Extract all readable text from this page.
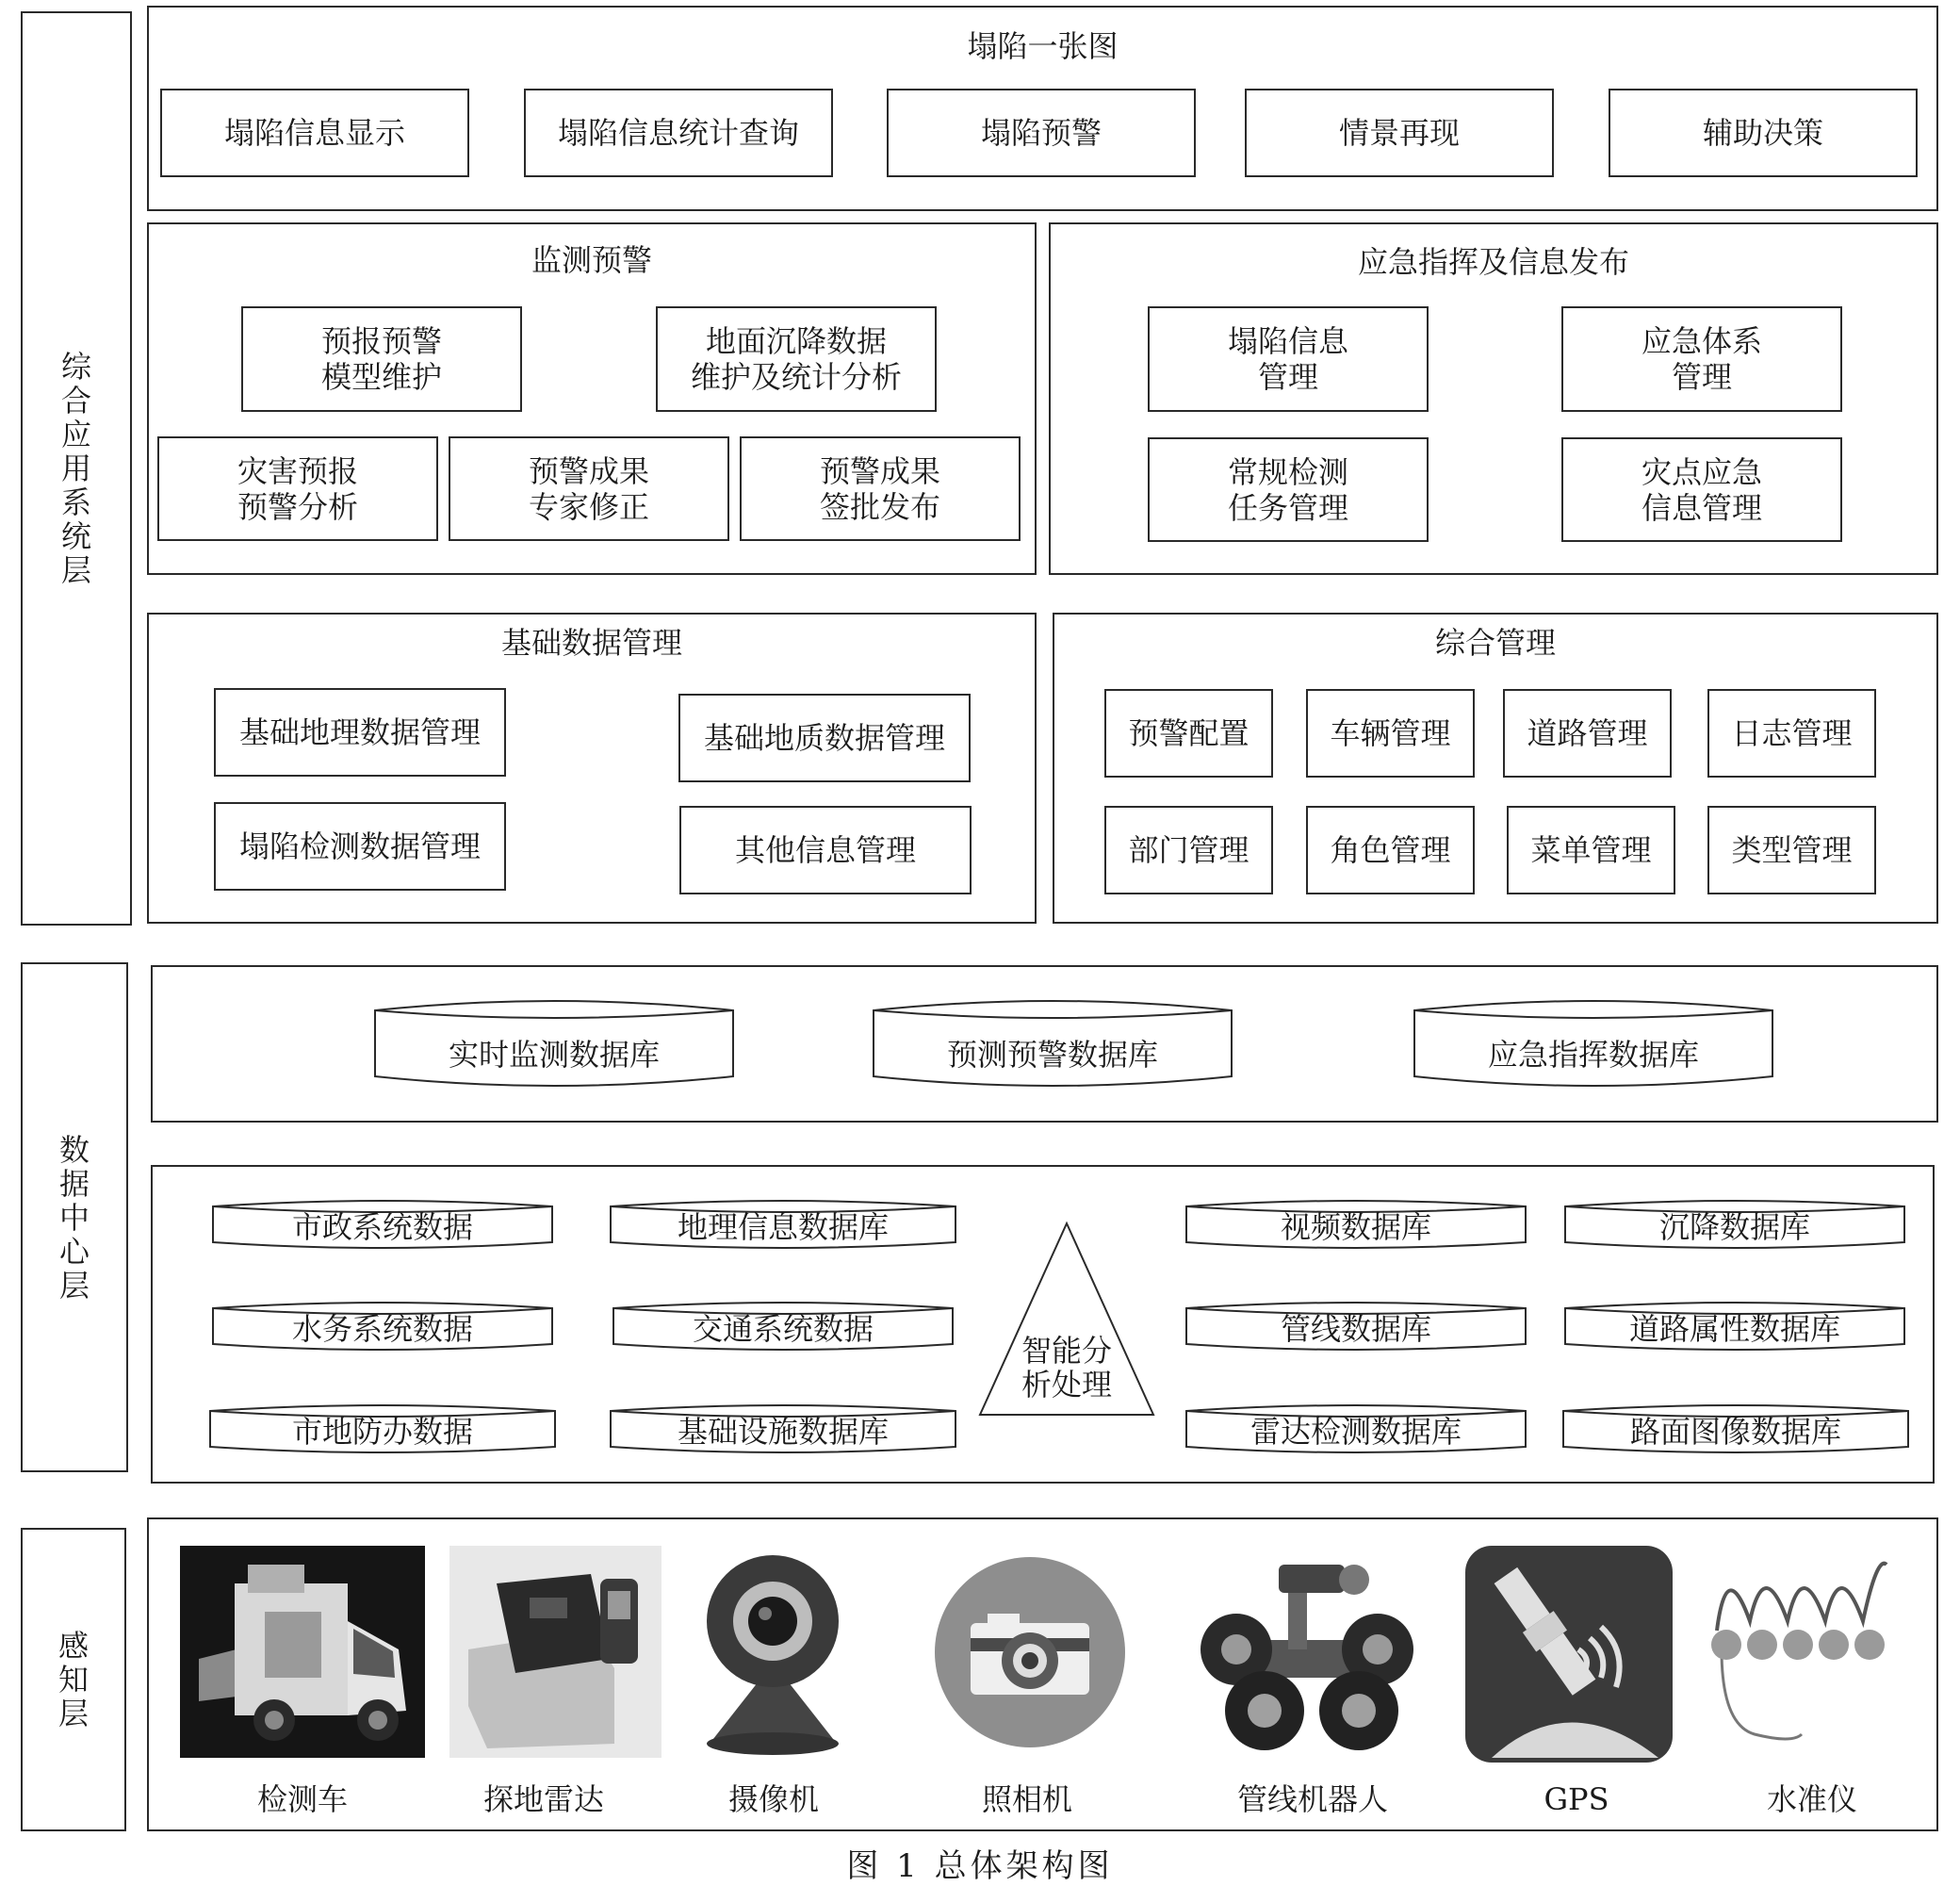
综合应用系统层
数据中心层
感知层
塌陷一张图
塌陷信息显示	塌陷信息统计查询	塌陷预警	情景再现	辅助决策
监测预警
预报预警
模型维护
地面沉降数据
维护及统计分析
灾害预报
预警分析
预警成果
专家修正
预警成果
签批发布
应急指挥及信息发布
塌陷信息
管理
应急体系
管理
常规检测
任务管理
灾点应急
信息管理
基础数据管理
基础地理数据管理	基础地质数据管理
塌陷检测数据管理	其他信息管理
综合管理
预警配置	车辆管理	道路管理	日志管理
部门管理	角色管理	菜单管理	类型管理
实时监测数据库	预测预警数据库	应急指挥数据库
市政系统数据	地理信息数据库
水务系统数据	交通系统数据
市地防办数据	基础设施数据库
智能分
析处理
视频数据库	沉降数据库
管线数据库	道路属性数据库
雷达检测数据库	路面图像数据库
检测车	探地雷达	摄像机	照相机	管线机器人	GPS	水准仪
图 1 总体架构图
